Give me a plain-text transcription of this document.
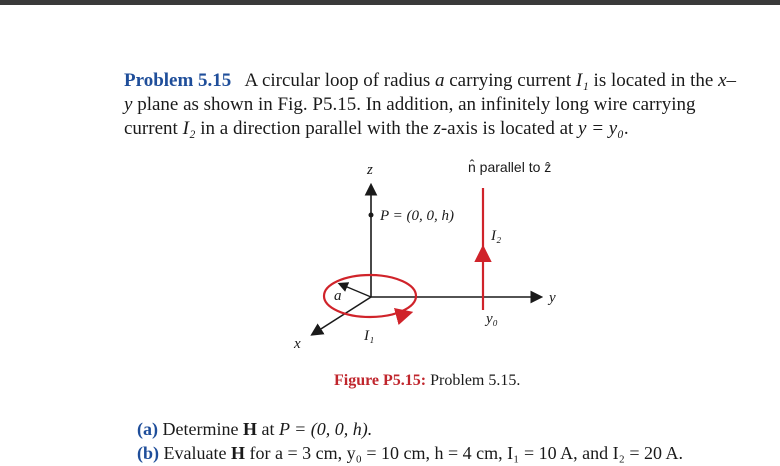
Problem 5.15 A circular loop of radius a carrying current I₁ is located in the x–y plane as shown in Fig. P5.15. In addition, an infinitely long wire carrying current I₂ in a direction parallel with the z-axis is located at y = y₀.
z
y
x
P = (0, 0, h)
a
I₁
I₂
y₀
n̂ parallel to ẑ
Figure P5.15: Problem 5.15.
(a) Determine H at P = (0, 0, h).
(b) Evaluate H for a = 3 cm, y₀ = 10 cm, h = 4 cm, I₁ = 10 A, and I₂ = 20 A.
